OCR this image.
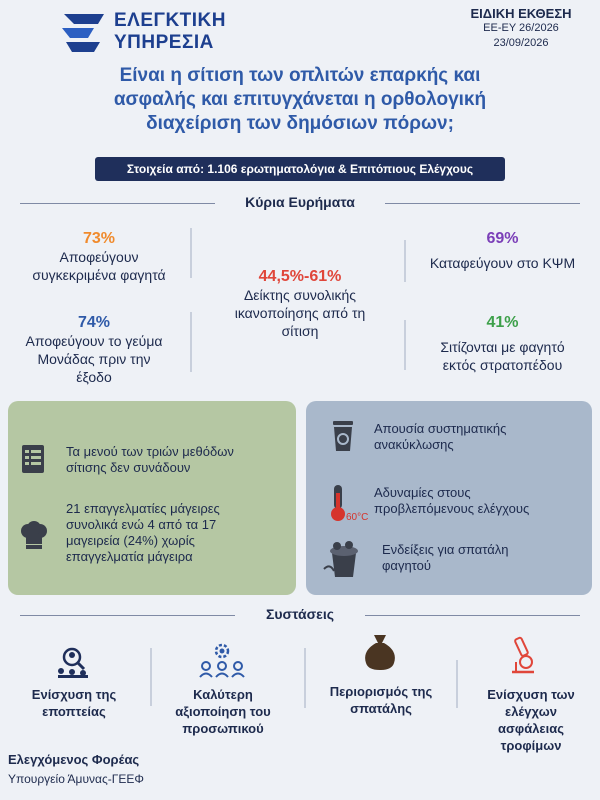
ΕΛΕΓΚΤΙΚΗ
ΥΠΗΡΕΣΙΑ
ΕΙΔΙΚΗ ΕΚΘΕΣΗ
ΕΕ-ΕΥ 26/2026
23/09/2026
Είναι η σίτιση των οπλιτών επαρκής και
ασφαλής και επιτυγχάνεται η ορθολογική
διαχείριση των δημόσιων πόρων;
Στοιχεία από: 1.106 ερωτηματολόγια & Επιτόπιους Ελέγχους
Κύρια Ευρήματα
73%
Αποφεύγουν
συγκεκριμένα φαγητά
74%
Αποφεύγουν το γεύμα
Μονάδας πριν την
έξοδο
44,5%-61%
Δείκτης συνολικής
ικανοποίησης από τη
σίτιση
69%
Καταφεύγουν στο ΚΨΜ
41%
Σιτίζονται με φαγητό
εκτός στρατοπέδου
Τα μενού των τριών μεθόδων
σίτισης δεν συνάδουν
21 επαγγελματίες μάγειρες
συνολικά ενώ 4 από τα 17
μαγειρεία (24%) χωρίς
επαγγελματία μάγειρα
Απουσία συστηματικής
ανακύκλωσης
60°C
Αδυναμίες στους
προβλεπόμενους ελέγχους
Ενδείξεις για σπατάλη
φαγητού
Συστάσεις
Ενίσχυση της
εποπτείας
Καλύτερη
αξιοποίηση του
προσωπικού
Περιορισμός της
σπατάλης
Ενίσχυση των
ελέγχων
ασφάλειας
τροφίμων
Ελεγχόμενος Φορέας
Υπουργείο Άμυνας-ΓΕΕΦ
